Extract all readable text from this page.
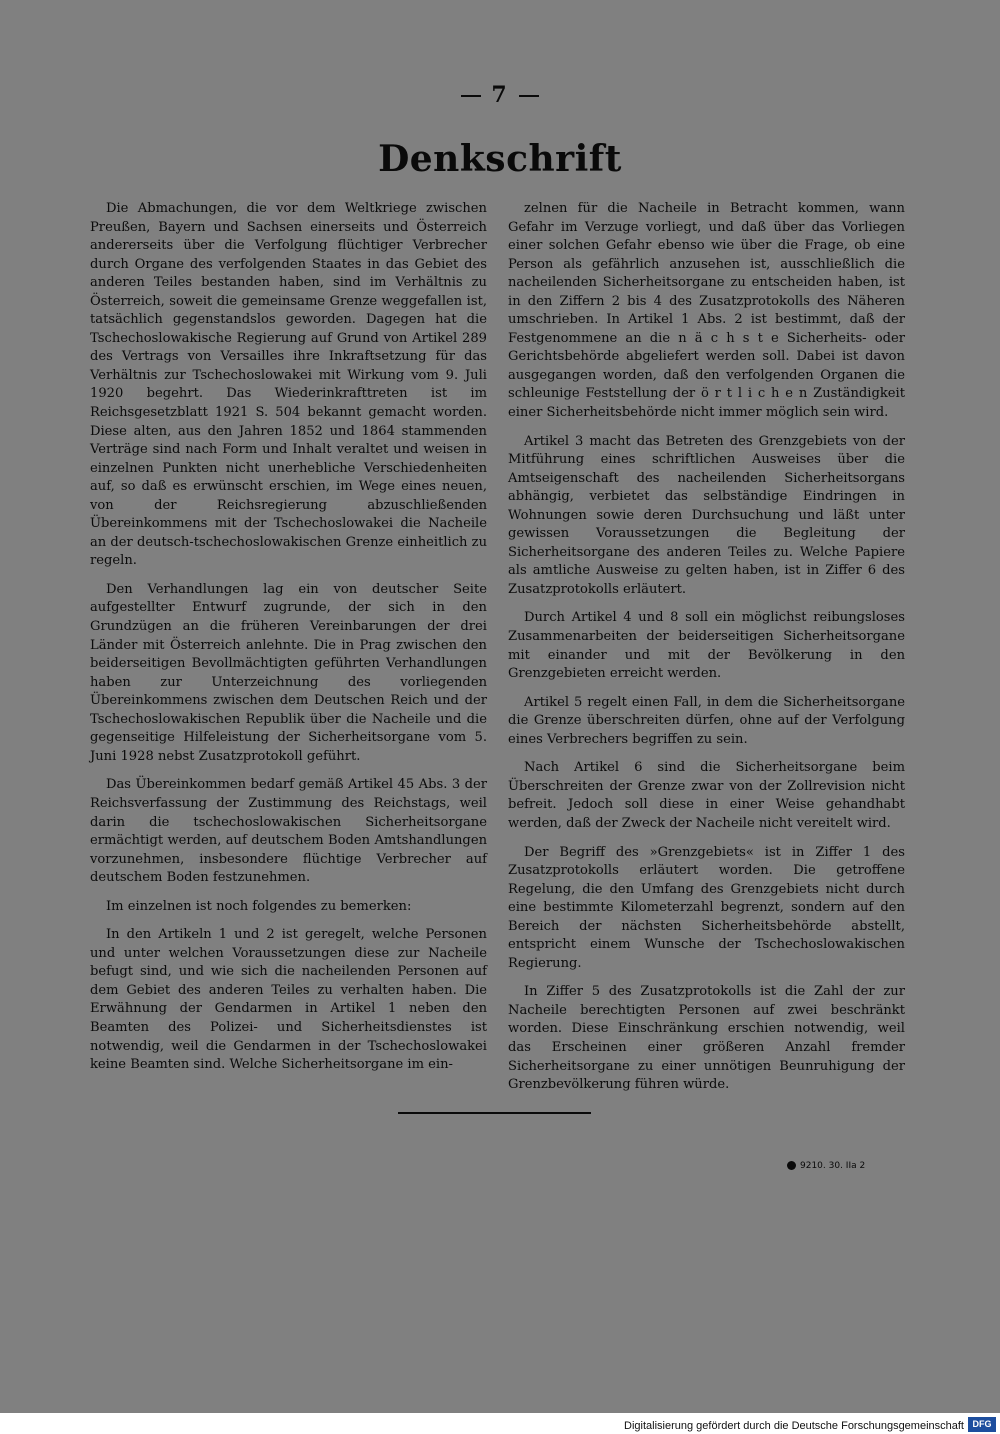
7
Denkschrift

Die Abmachungen, die vor dem Weltkriege zwischen Preußen, Bayern und Sachsen einerseits und Österreich andererseits über die Verfolgung flüchtiger Verbrecher durch Organe des verfolgenden Staates in das Gebiet des anderen Teiles bestanden haben, sind im Verhältnis zu Österreich, soweit die gemeinsame Grenze weggefallen ist, tatsächlich gegenstandslos geworden. Dagegen hat die Tschechoslowakische Regierung auf Grund von Artikel 289 des Vertrags von Versailles ihre Inkraftsetzung für das Verhältnis zur Tschechoslowakei mit Wirkung vom 9. Juli 1920 begehrt. Das Wiederinkrafttreten ist im Reichsgesetzblatt 1921 S. 504 bekannt gemacht worden. Diese alten, aus den Jahren 1852 und 1864 stammenden Verträge sind nach Form und Inhalt veraltet und weisen in einzelnen Punkten nicht unerhebliche Verschiedenheiten auf, so daß es erwünscht erschien, im Wege eines neuen, von der Reichsregierung abzuschließenden Übereinkommens mit der Tschechoslowakei die Nacheile an der deutsch-tschechoslowakischen Grenze einheitlich zu regeln.

Den Verhandlungen lag ein von deutscher Seite aufgestellter Entwurf zugrunde, der sich in den Grundzügen an die früheren Vereinbarungen der drei Länder mit Österreich anlehnte. Die in Prag zwischen den beiderseitigen Bevollmächtigten geführten Verhandlungen haben zur Unterzeichnung des vorliegenden Übereinkommens zwischen dem Deutschen Reich und der Tschechoslowakischen Republik über die Nacheile und die gegenseitige Hilfeleistung der Sicherheitsorgane vom 5. Juni 1928 nebst Zusatzprotokoll geführt.

Das Übereinkommen bedarf gemäß Artikel 45 Abs. 3 der Reichsverfassung der Zustimmung des Reichstags, weil darin die tschechoslowakischen Sicherheitsorgane ermächtigt werden, auf deutschem Boden Amtshandlungen vorzunehmen, insbesondere flüchtige Verbrecher auf deutschem Boden festzunehmen.

Im einzelnen ist noch folgendes zu bemerken:

In den Artikeln 1 und 2 ist geregelt, welche Personen und unter welchen Voraussetzungen diese zur Nacheile befugt sind, und wie sich die nacheilenden Personen auf dem Gebiet des anderen Teiles zu verhalten haben. Die Erwähnung der Gendarmen in Artikel 1 neben den Beamten des Polizei- und Sicherheitsdienstes ist notwendig, weil die Gendarmen in der Tschechoslowakei keine Beamten sind. Welche Sicherheitsorgane im ein-

zelnen für die Nacheile in Betracht kommen, wann Gefahr im Verzuge vorliegt, und daß über das Vorliegen einer solchen Gefahr ebenso wie über die Frage, ob eine Person als gefährlich anzusehen ist, ausschließlich die nacheilenden Sicherheitsorgane zu entscheiden haben, ist in den Ziffern 2 bis 4 des Zusatzprotokolls des Näheren umschrieben. In Artikel 1 Abs. 2 ist bestimmt, daß der Festgenommene an die n ä c h s t e Sicherheits- oder Gerichtsbehörde abgeliefert werden soll. Dabei ist davon ausgegangen worden, daß den verfolgenden Organen die schleunige Feststellung der ö r t l i c h e n Zuständigkeit einer Sicherheitsbehörde nicht immer möglich sein wird.

Artikel 3 macht das Betreten des Grenzgebiets von der Mitführung eines schriftlichen Ausweises über die Amtseigenschaft des nacheilenden Sicherheitsorgans abhängig, verbietet das selbständige Eindringen in Wohnungen sowie deren Durchsuchung und läßt unter gewissen Voraussetzungen die Begleitung der Sicherheitsorgane des anderen Teiles zu. Welche Papiere als amtliche Ausweise zu gelten haben, ist in Ziffer 6 des Zusatzprotokolls erläutert.

Durch Artikel 4 und 8 soll ein möglichst reibungsloses Zusammenarbeiten der beiderseitigen Sicherheitsorgane mit einander und mit der Bevölkerung in den Grenzgebieten erreicht werden.

Artikel 5 regelt einen Fall, in dem die Sicherheitsorgane die Grenze überschreiten dürfen, ohne auf der Verfolgung eines Verbrechers begriffen zu sein.

Nach Artikel 6 sind die Sicherheitsorgane beim Überschreiten der Grenze zwar von der Zollrevision nicht befreit. Jedoch soll diese in einer Weise gehandhabt werden, daß der Zweck der Nacheile nicht vereitelt wird.

Der Begriff des »Grenzgebiets« ist in Ziffer 1 des Zusatzprotokolls erläutert worden. Die getroffene Regelung, die den Umfang des Grenzgebiets nicht durch eine bestimmte Kilometerzahl begrenzt, sondern auf den Bereich der nächsten Sicherheitsbehörde abstellt, entspricht einem Wunsche der Tschechoslowakischen Regierung.

In Ziffer 5 des Zusatzprotokolls ist die Zahl der zur Nacheile berechtigten Personen auf zwei beschränkt worden. Diese Einschränkung erschien notwendig, weil das Erscheinen einer größeren Anzahl fremder Sicherheitsorgane zu einer unnötigen Beunruhigung der Grenzbevölkerung führen würde.

9210. 30. IIa 2
Digitalisierung gefördert durch die Deutsche Forschungsgemeinschaft DFG
